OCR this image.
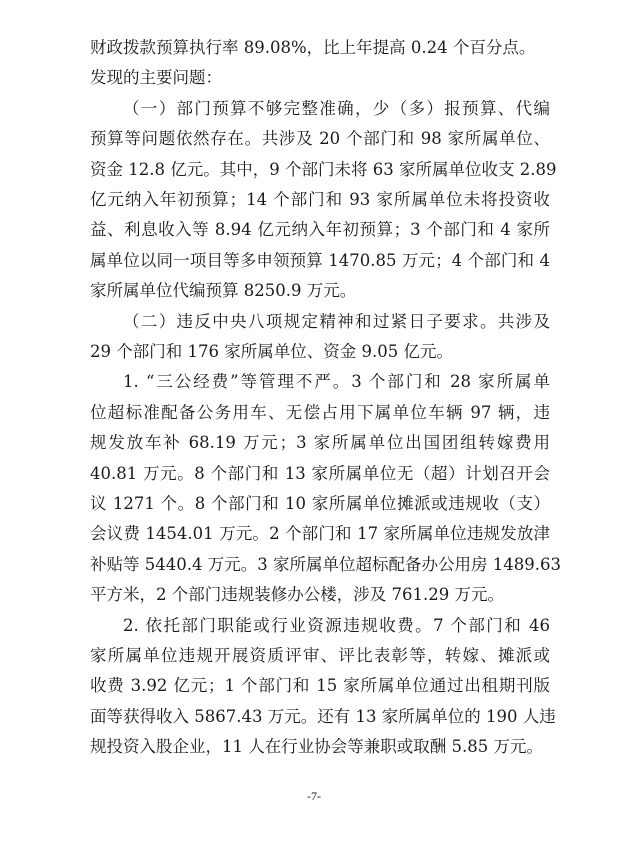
财政拨款预算执行率 89.08%，比上年提高 0.24 个百分点。
发现的主要问题：
（一）部门预算不够完整准确，少（多）报预算、代编
预算等问题依然存在。共涉及 20 个部门和 98 家所属单位、
资金 12.8 亿元。其中，9 个部门未将 63 家所属单位收支 2.89
亿元纳入年初预算；14 个部门和 93 家所属单位未将投资收
益、利息收入等 8.94 亿元纳入年初预算；3 个部门和 4 家所
属单位以同一项目等多申领预算 1470.85 万元；4 个部门和 4
家所属单位代编预算 8250.9 万元。
（二）违反中央八项规定精神和过紧日子要求。共涉及
29 个部门和 176 家所属单位、资金 9.05 亿元。
1. “三公经费”等管理不严。3 个部门和 28 家所属单
位超标准配备公务用车、无偿占用下属单位车辆 97 辆，违
规发放车补 68.19 万元；3 家所属单位出国团组转嫁费用
40.81 万元。8 个部门和 13 家所属单位无（超）计划召开会
议 1271 个。8 个部门和 10 家所属单位摊派或违规收（支）
会议费 1454.01 万元。2 个部门和 17 家所属单位违规发放津
补贴等 5440.4 万元。3 家所属单位超标配备办公用房 1489.63
平方米，2 个部门违规装修办公楼，涉及 761.29 万元。
2. 依托部门职能或行业资源违规收费。7 个部门和 46
家所属单位违规开展资质评审、评比表彰等，转嫁、摊派或
收费 3.92 亿元；1 个部门和 15 家所属单位通过出租期刊版
面等获得收入 5867.43 万元。还有 13 家所属单位的 190 人违
规投资入股企业，11 人在行业协会等兼职或取酬 5.85 万元。
-7-
